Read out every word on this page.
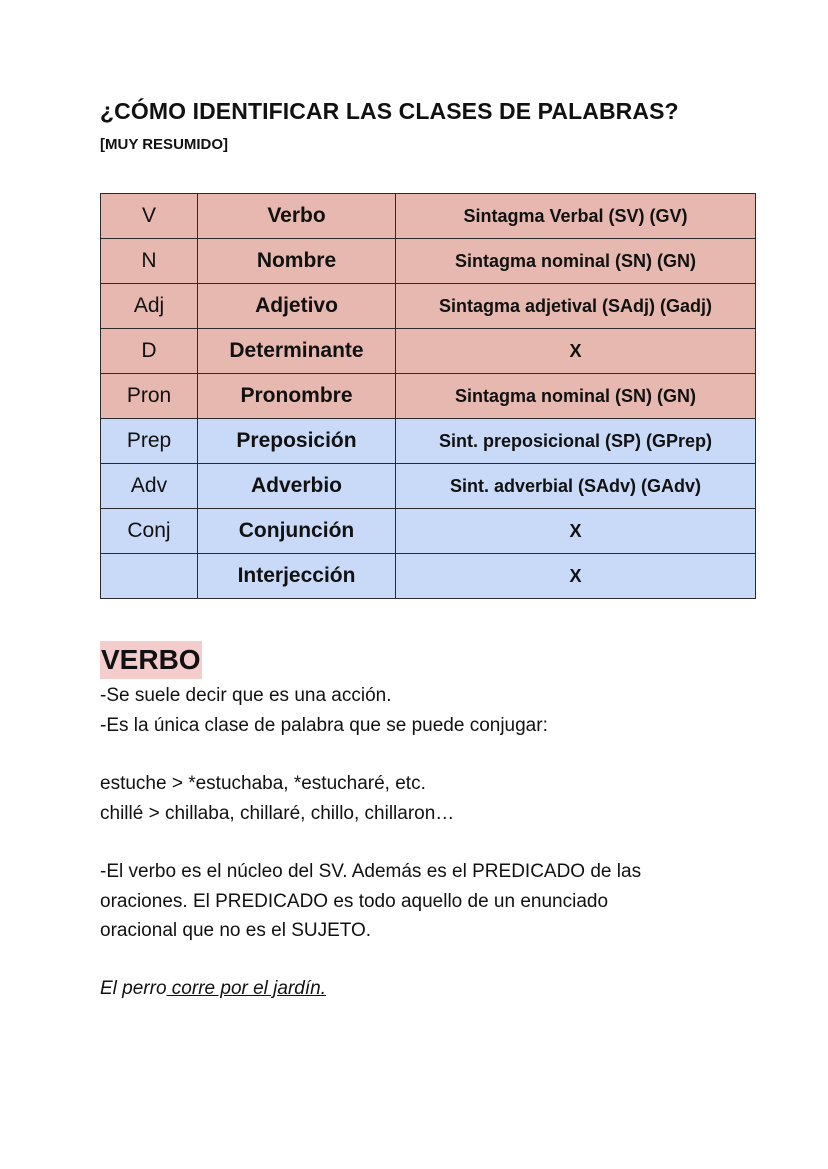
¿CÓMO IDENTIFICAR LAS CLASES DE PALABRAS?

[MUY RESUMIDO]

V	Verbo	Sintagma Verbal (SV) (GV)
N	Nombre	Sintagma nominal (SN) (GN)
Adj	Adjetivo	Sintagma adjetival (SAdj) (Gadj)
D	Determinante	X
Pron	Pronombre	Sintagma nominal (SN) (GN)
Prep	Preposición	Sint. preposicional (SP) (GPrep)
Adv	Adverbio	Sint. adverbial (SAdv) (GAdv)
Conj	Conjunción	X
	Interjección	X
VERBO
-Se suele decir que es una acción.
-Es la única clase de palabra que se puede conjugar:
estuche > *estuchaba, *estucharé, etc.
chillé > chillaba, chillaré, chillo, chillaron…
-El verbo es el núcleo del SV. Además es el PREDICADO de las
oraciones. El PREDICADO es todo aquello de un enunciado
oracional que no es el SUJETO.

El perro corre por el jardín.
